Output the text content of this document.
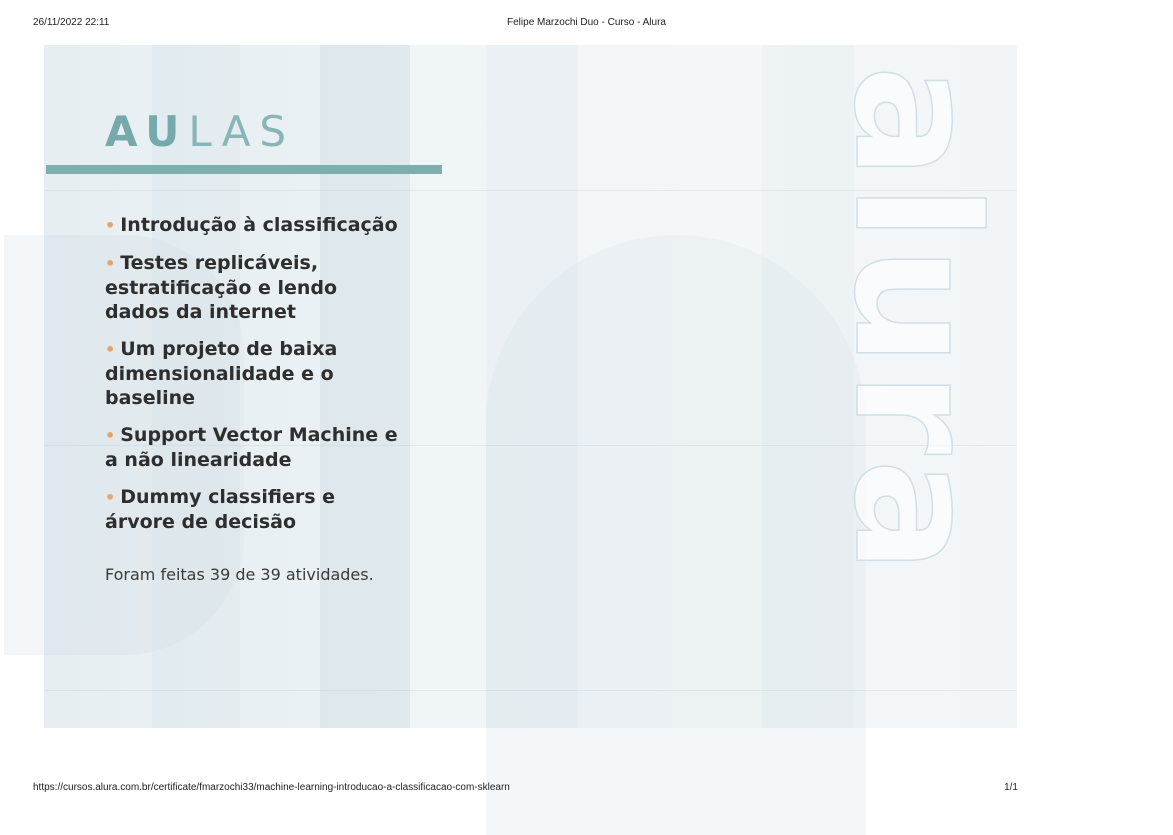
26/11/2022 22:11	Felipe Marzochi Duo - Curso - Alura
alura
AULAS
• Introdução à classificação
• Testes replicáveis, estratificação e lendo dados da internet
• Um projeto de baixa dimensionalidade e o baseline
• Support Vector Machine e a não linearidade
• Dummy classifiers e árvore de decisão
Foram feitas 39 de 39 atividades.
https://cursos.alura.com.br/certificate/fmarzochi33/machine-learning-introducao-a-classificacao-com-sklearn	1/1
